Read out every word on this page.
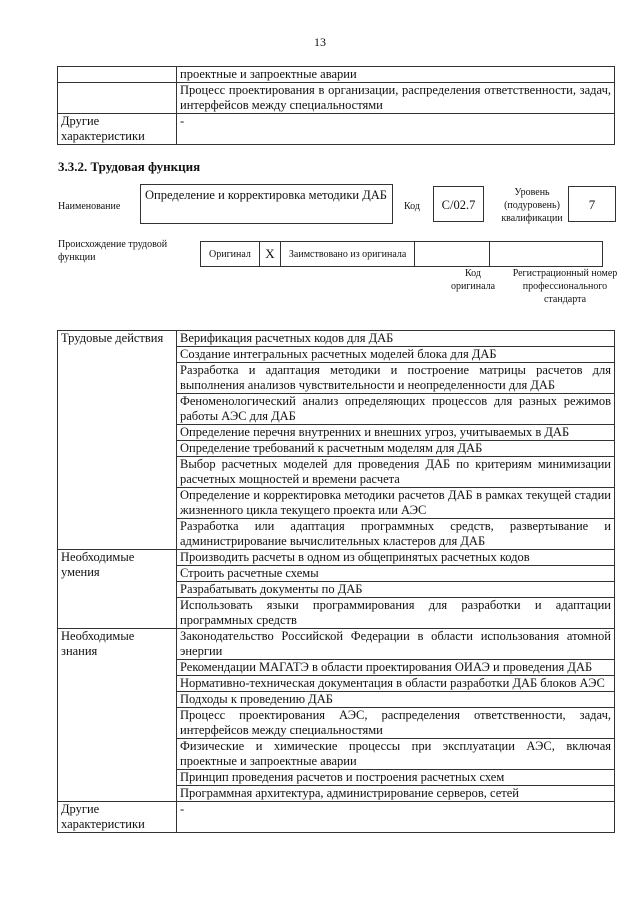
13
	проектные и запроектные аварии
	Процесс проектирования в организации, распределения ответственности, задач, интерфейсов между специальностями
Другие характеристики	-
3.3.2. Трудовая функция
Наименование
Определение и корректировка методики ДАБ
Код	C/02.7
Уровень (подуровень) квалификации
7
Происхождение трудовой функции	Оригинал	X	Заимствовано из оригинала		
Код оригинала
Регистрационный номер профессионального стандарта
Трудовые действия	Верификация расчетных кодов для ДАБ
	Создание интегральных расчетных моделей блока для ДАБ
	Разработка и адаптация методики и построение матрицы расчетов для выполнения анализов чувствительности и неопределенности для ДАБ
	Феноменологический анализ определяющих процессов для разных режимов работы АЭС для ДАБ
	Определение перечня внутренних и внешних угроз, учитываемых в ДАБ
	Определение требований к расчетным моделям для ДАБ
	Выбор расчетных моделей для проведения ДАБ по критериям минимизации расчетных мощностей и времени расчета
	Определение и корректировка методики расчетов ДАБ в рамках текущей стадии жизненного цикла текущего проекта или АЭС
	Разработка или адаптация программных средств, развертывание и администрирование вычислительных кластеров для ДАБ
Необходимые умения	Производить расчеты в одном из общепринятых расчетных кодов
	Строить расчетные схемы
	Разрабатывать документы по ДАБ
	Использовать языки программирования для разработки и адаптации программных средств
Необходимые знания	Законодательство Российской Федерации в области использования атомной энергии
	Рекомендации МАГАТЭ в области проектирования ОИАЭ и проведения ДАБ
	Нормативно-техническая документация в области разработки ДАБ блоков АЭС
	Подходы к проведению ДАБ
	Процесс проектирования АЭС, распределения ответственности, задач, интерфейсов между специальностями
	Физические и химические процессы при эксплуатации АЭС, включая проектные и запроектные аварии
	Принцип проведения расчетов и построения расчетных схем
	Программная архитектура, администрирование серверов, сетей
Другие характеристики	-
